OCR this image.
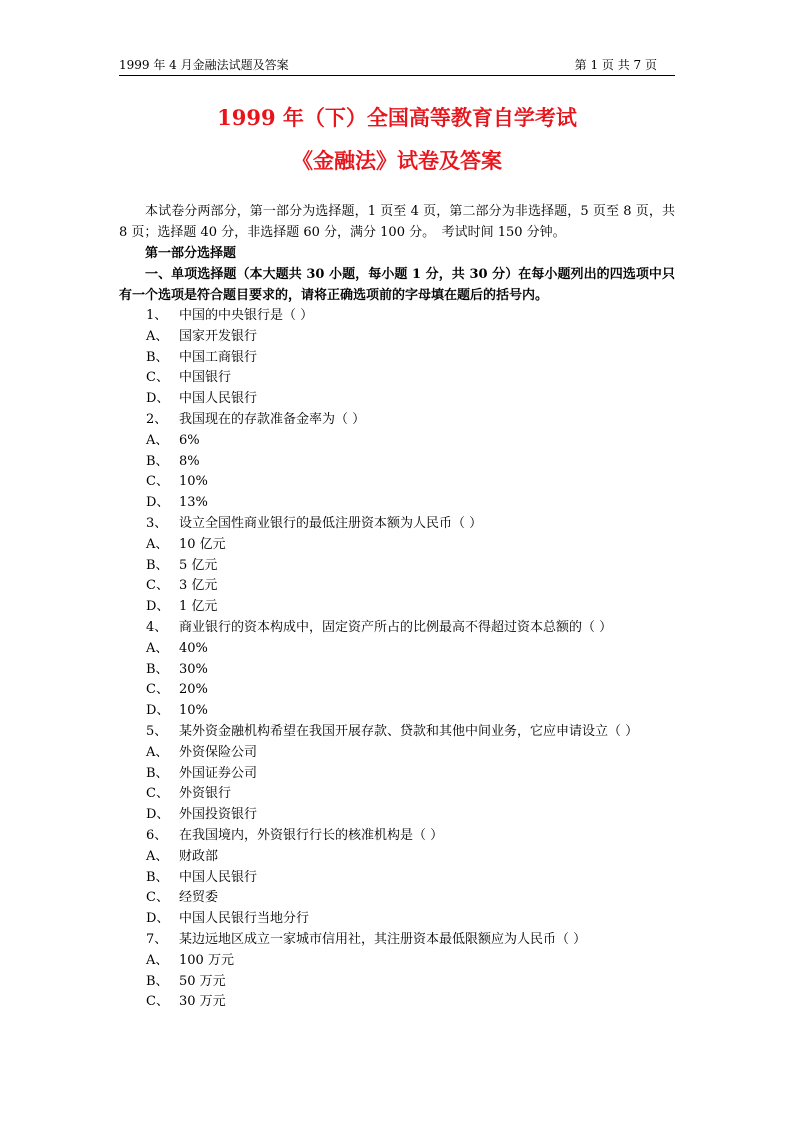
1999 年 4 月金融法试题及答案	第 1 页 共 7 页
1999 年（下）全国高等教育自学考试
《金融法》试卷及答案

本试卷分两部分，第一部分为选择题，1 页至 4 页，第二部分为非选择题，5 页至 8 页，共 8 页；选择题 40 分，非选择题 60 分，满分 100 分。　考试时间 150 分钟。

第一部分选择题

一、单项选择题（本大题共 30 小题，每小题 1 分，共 30 分）在每小题列出的四选项中只有一个选项是符合题目要求的，请将正确选项前的字母填在题后的括号内。

1、 中国的中央银行是（ ）

A、 国家开发银行

B、 中国工商银行

C、 中国银行

D、 中国人民银行

2、 我国现在的存款准备金率为（ ）

A、 6%

B、 8%

C、 10%

D、 13%

3、 设立全国性商业银行的最低注册资本额为人民币（ ）

A、 10 亿元

B、 5 亿元

C、 3 亿元

D、 1 亿元

4、 商业银行的资本构成中，固定资产所占的比例最高不得超过资本总额的（ ）

A、 40%

B、 30%

C、 20%

D、 10%

5、 某外资金融机构希望在我国开展存款、贷款和其他中间业务，它应申请设立（ ）

A、 外资保险公司

B、 外国证券公司

C、 外资银行

D、 外国投资银行

6、 在我国境内，外资银行行长的核准机构是（ ）

A、 财政部

B、 中国人民银行

C、 经贸委

D、 中国人民银行当地分行

7、 某边远地区成立一家城市信用社，其注册资本最低限额应为人民币（ ）

A、 100 万元

B、 50 万元

C、 30 万元
